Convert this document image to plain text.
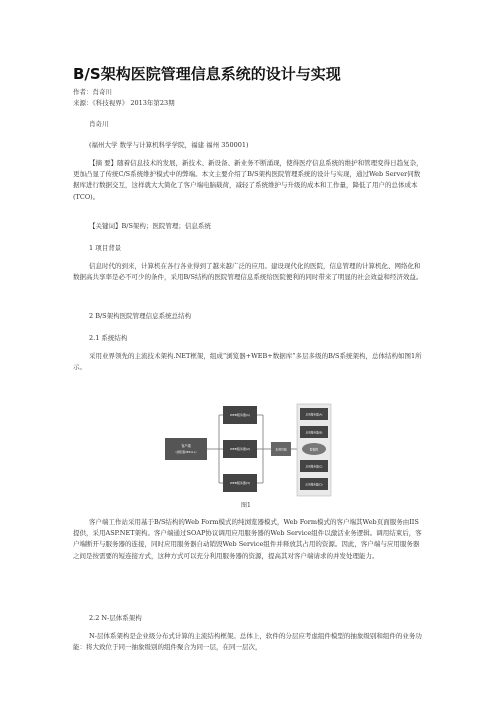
B/S架构医院管理信息系统的设计与实现
作者：肖奇川
来源：《科技视界》 2013年第23期
肖奇川
(福州大学 数学与计算机科学学院，福建 福州 350001)
【摘 要】随着信息技术的发展，新技术、新设备、新业务不断涌现，使得医疗信息系统的维护和管理变得日趋复杂，更加凸显了传统C/S系统维护模式中的弊端。本文主要介绍了B/S架构医院管理系统的设计与实现，通过Web Server同数据库进行数据交互，这样就大大简化了客户端电脑载荷，减轻了系统维护与升级的成本和工作量，降低了用户的总体成本(TCO)。
【关键词】B/S架构；医院管理；信息系统
1 项目背景
信息时代的到来，计算机在各行各业得到了越来越广泛的应用。建设现代化的医院，信息管理的计算机化、网络化和数据高共享率是必不可少的条件，采用B/S结构的医院管理信息系统给医院便利的同时带来了明显的社会效益和经济效益。
2 B/S架构医院管理信息系统总结构
2.1 系统结构
采用业界领先的主流技术架构.NET框架，组成“浏览器+WEB+数据库”多层多级的B/S系统架构，总体结构如图1所示。
客户端
(浏览器/IE6.0+)
WEB服务器(1)
WEB服务器(2)
WEB服务器(3)
负载均衡
应用服务器(A)
应用服务器(B)
数据库
应用服务器(C)
应用服务器(D)
图1
客户端工作站采用基于B/S结构的Web Form模式的纯浏览器模式，Web Form模式的客户端其Web页面服务由IIS提供，采用ASP.NET架构。客户端通过SOAP协议调用应用服务器的Web Service组件以激活业务逻辑。调用结束后，客户端断开与服务器的连接，同时应用服务器自动销毁Web Service组件并释放其占用的资源。因此，客户端与应用服务器之间是按需要的短连接方式，这种方式可以充分利用服务器的资源，提高其对客户端请求的并发处理能力。
2.2 N-层体系架构
N-层体系架构是企业级分布式计算的主流结构框架。总体上，软件的分层应考虑组件模型的抽象级别和组件的业务功能：将大致位于同一抽象级别的组件聚合为同一层，在同一层次，
